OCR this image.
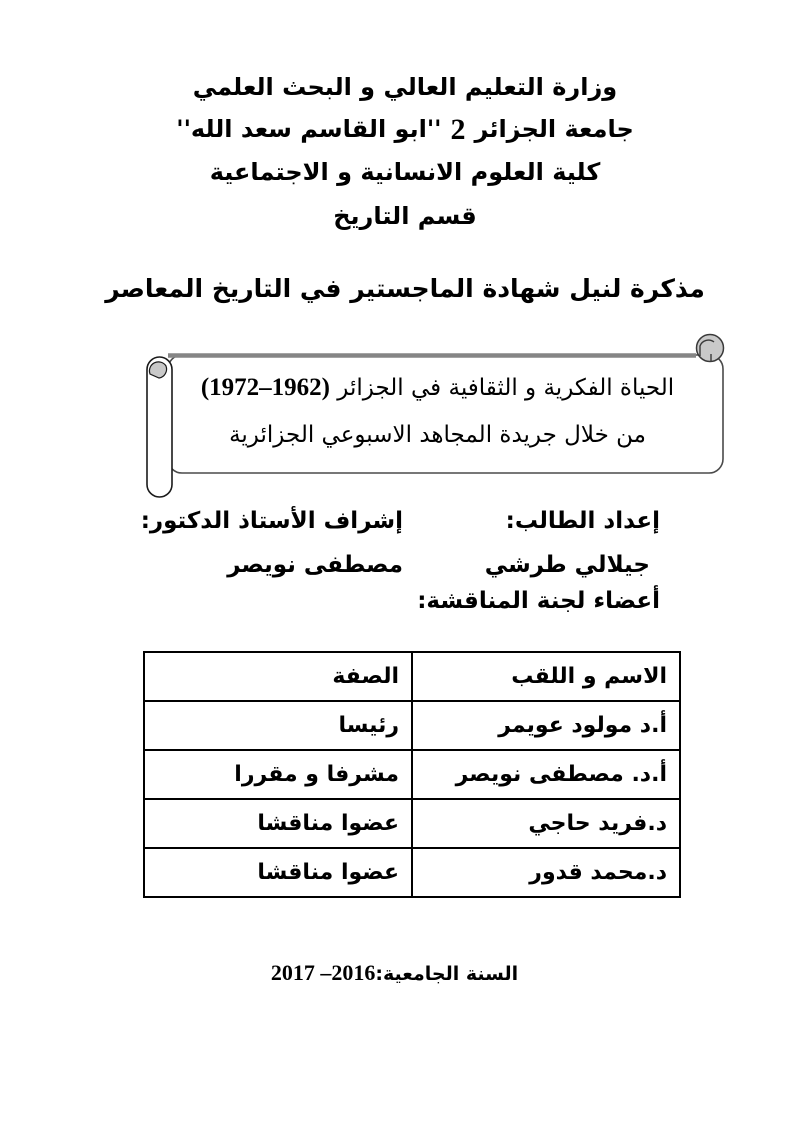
وزارة التعليم العالي و البحث العلمي
جامعة الجزائر2''ابو القاسم سعد الله''
كلية العلوم الانسانية و الاجتماعية
قسم التاريخ
مذكرة لنيل شهادة الماجستير في التاريخ المعاصر
الحياة الفكرية و الثقافية في الجزائر (1962–1972)
من خلال جريدة المجاهد الاسبوعي الجزائرية
إعداد الطالب:
إشراف الأستاذ الدكتور:
جيلالي طرشي
مصطفى نويصر
أعضاء لجنة المناقشة:
الاسم و اللقب	الصفة
أ.د مولود عويمر	رئيسا
أ.د. مصطفى نويصر	مشرفا و مقررا
د.فريد حاجي	عضوا مناقشا
د.محمد قدور	عضوا مناقشا
السنة الجامعية:2016– 2017
